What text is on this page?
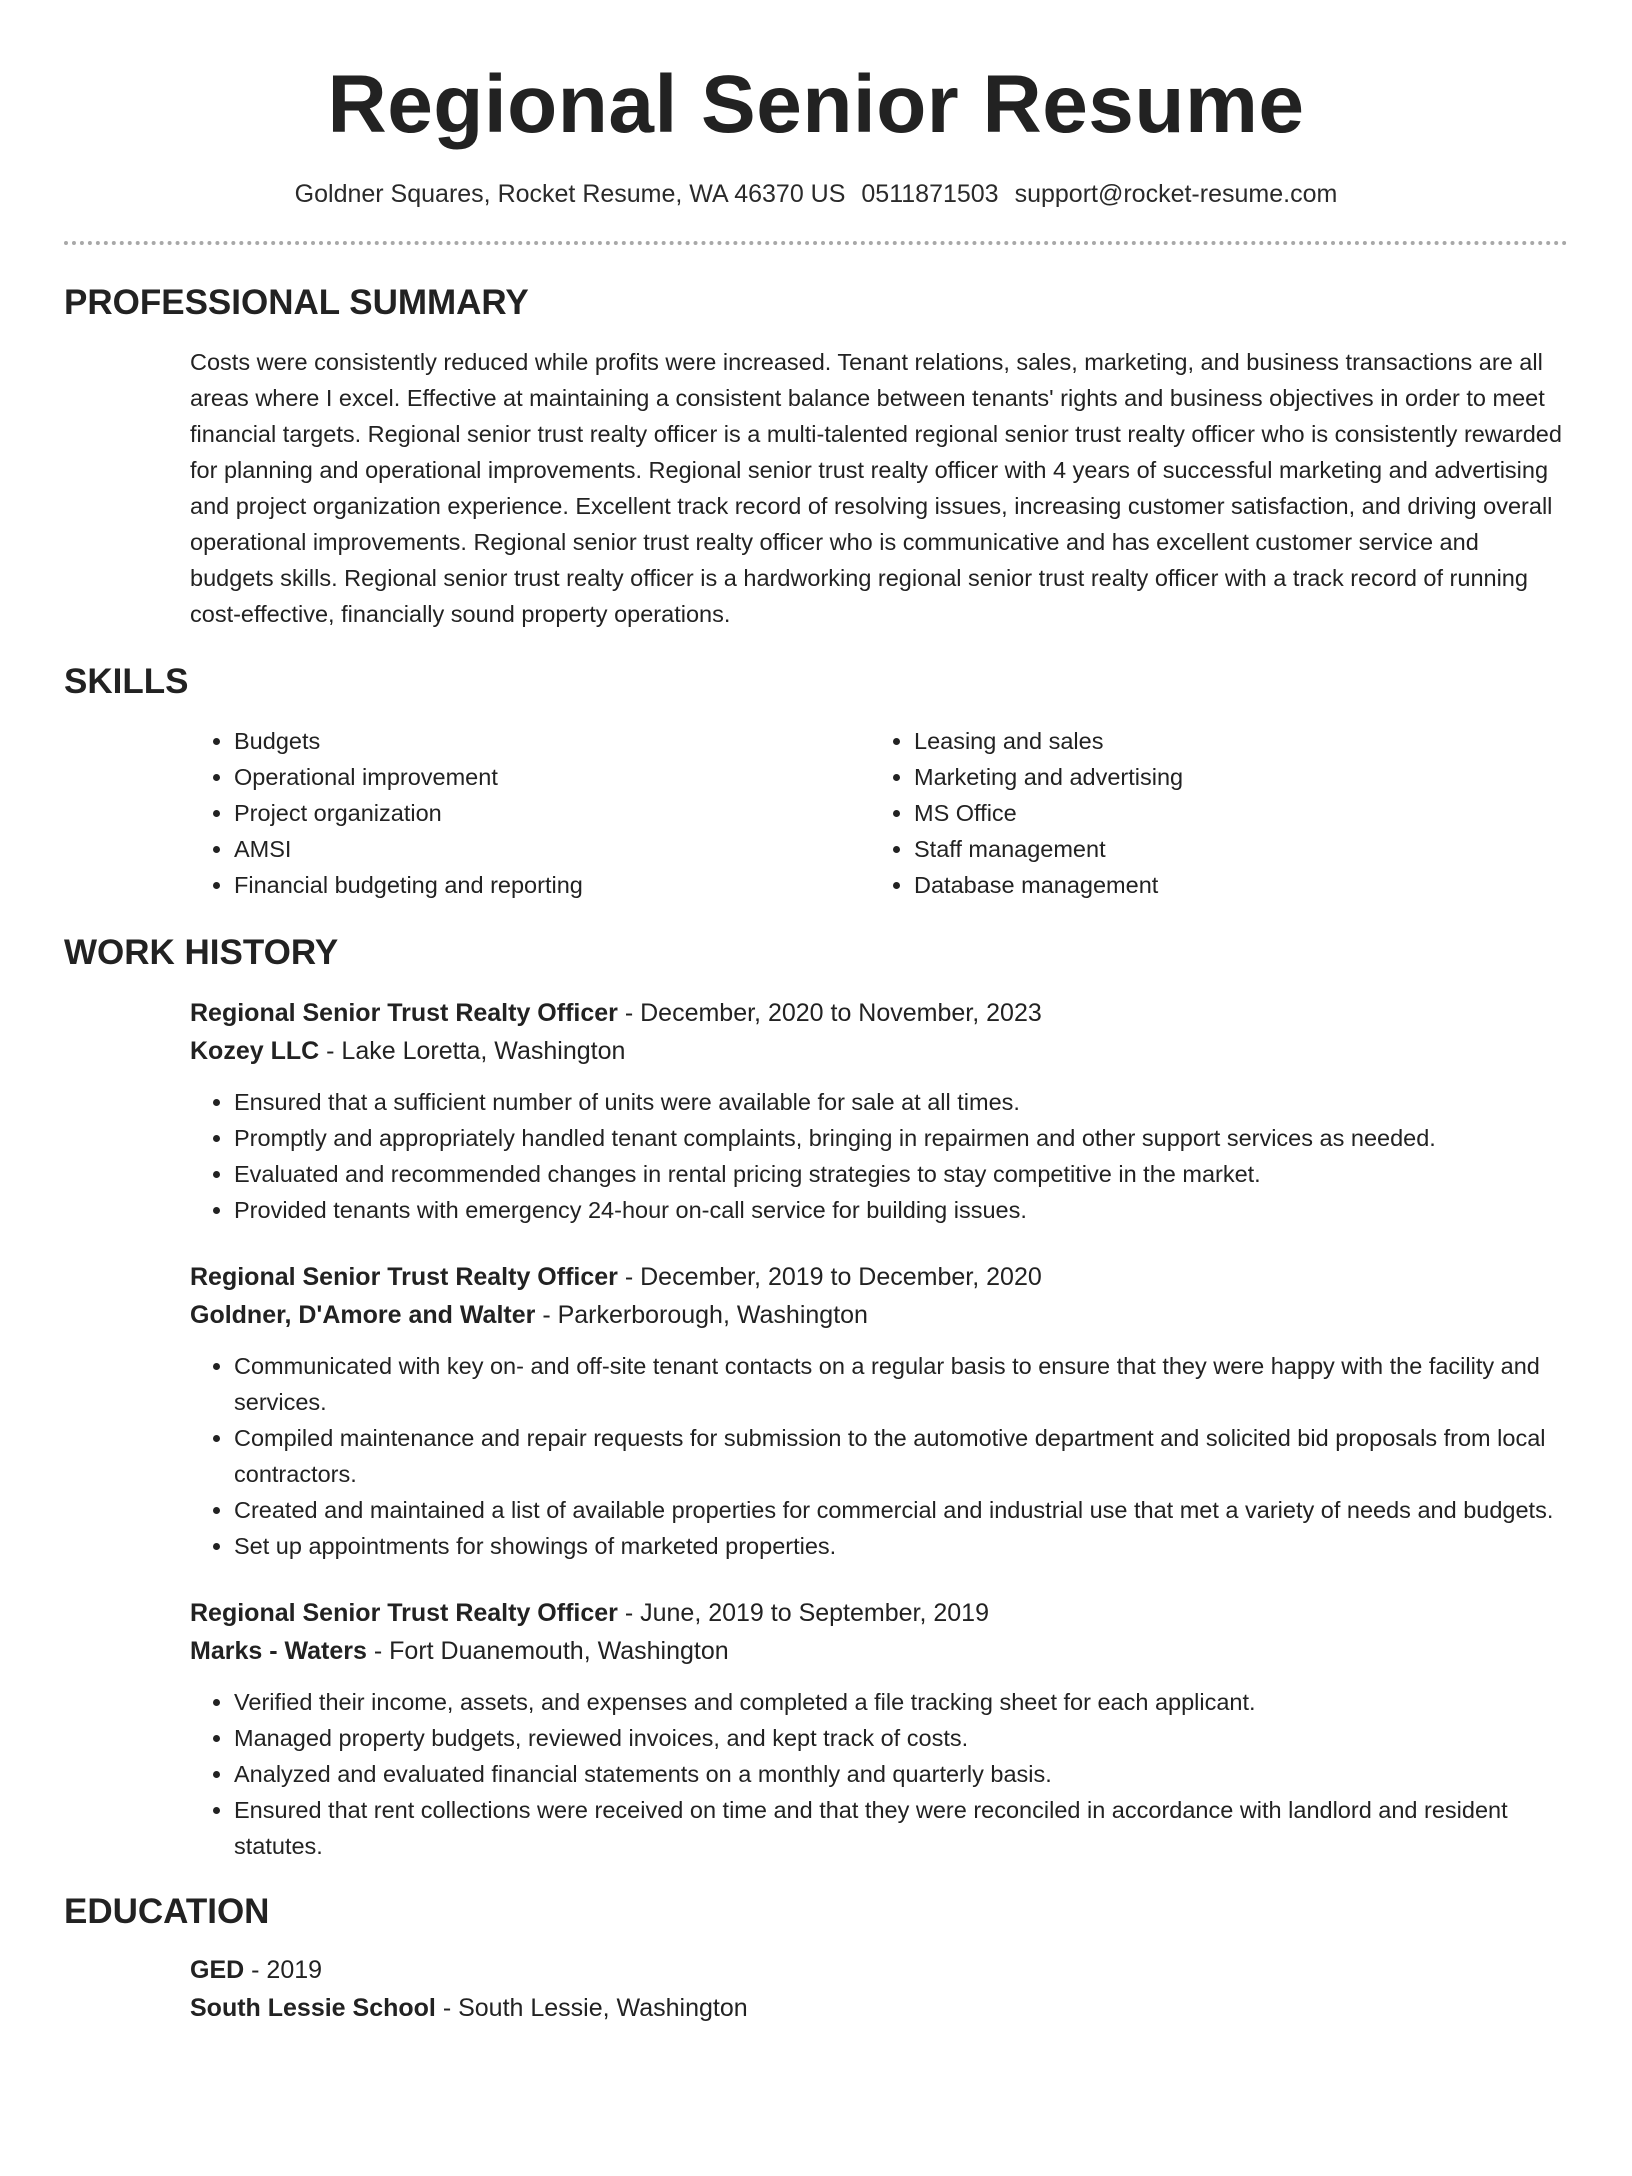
Regional Senior Resume
Goldner Squares, Rocket Resume, WA 46370 US 0511871503 support@rocket-resume.com
PROFESSIONAL SUMMARY

Costs were consistently reduced while profits were increased. Tenant relations, sales, marketing, and business transactions are all areas where I excel. Effective at maintaining a consistent balance between tenants' rights and business objectives in order to meet financial targets. Regional senior trust realty officer is a multi-talented regional senior trust realty officer who is consistently rewarded for planning and operational improvements. Regional senior trust realty officer with 4 years of successful marketing and advertising and project organization experience. Excellent track record of resolving issues, increasing customer satisfaction, and driving overall operational improvements. Regional senior trust realty officer who is communicative and has excellent customer service and budgets skills. Regional senior trust realty officer is a hardworking regional senior trust realty officer with a track record of running cost-effective, financially sound property operations.

SKILLS
• Budgets
• Operational improvement
• Project organization
• AMSI
• Financial budgeting and reporting
• Leasing and sales
• Marketing and advertising
• MS Office
• Staff management
• Database management
WORK HISTORY
Regional Senior Trust Realty Officer - December, 2020 to November, 2023
Kozey LLC - Lake Loretta, Washington
• Ensured that a sufficient number of units were available for sale at all times.
• Promptly and appropriately handled tenant complaints, bringing in repairmen and other support services as needed.
• Evaluated and recommended changes in rental pricing strategies to stay competitive in the market.
• Provided tenants with emergency 24-hour on-call service for building issues.
Regional Senior Trust Realty Officer - December, 2019 to December, 2020
Goldner, D'Amore and Walter - Parkerborough, Washington
• Communicated with key on- and off-site tenant contacts on a regular basis to ensure that they were happy with the facility and services.
• Compiled maintenance and repair requests for submission to the automotive department and solicited bid proposals from local contractors.
• Created and maintained a list of available properties for commercial and industrial use that met a variety of needs and budgets.
• Set up appointments for showings of marketed properties.
Regional Senior Trust Realty Officer - June, 2019 to September, 2019
Marks - Waters - Fort Duanemouth, Washington
• Verified their income, assets, and expenses and completed a file tracking sheet for each applicant.
• Managed property budgets, reviewed invoices, and kept track of costs.
• Analyzed and evaluated financial statements on a monthly and quarterly basis.
• Ensured that rent collections were received on time and that they were reconciled in accordance with landlord and resident statutes.
EDUCATION
GED - 2019
South Lessie School - South Lessie, Washington
